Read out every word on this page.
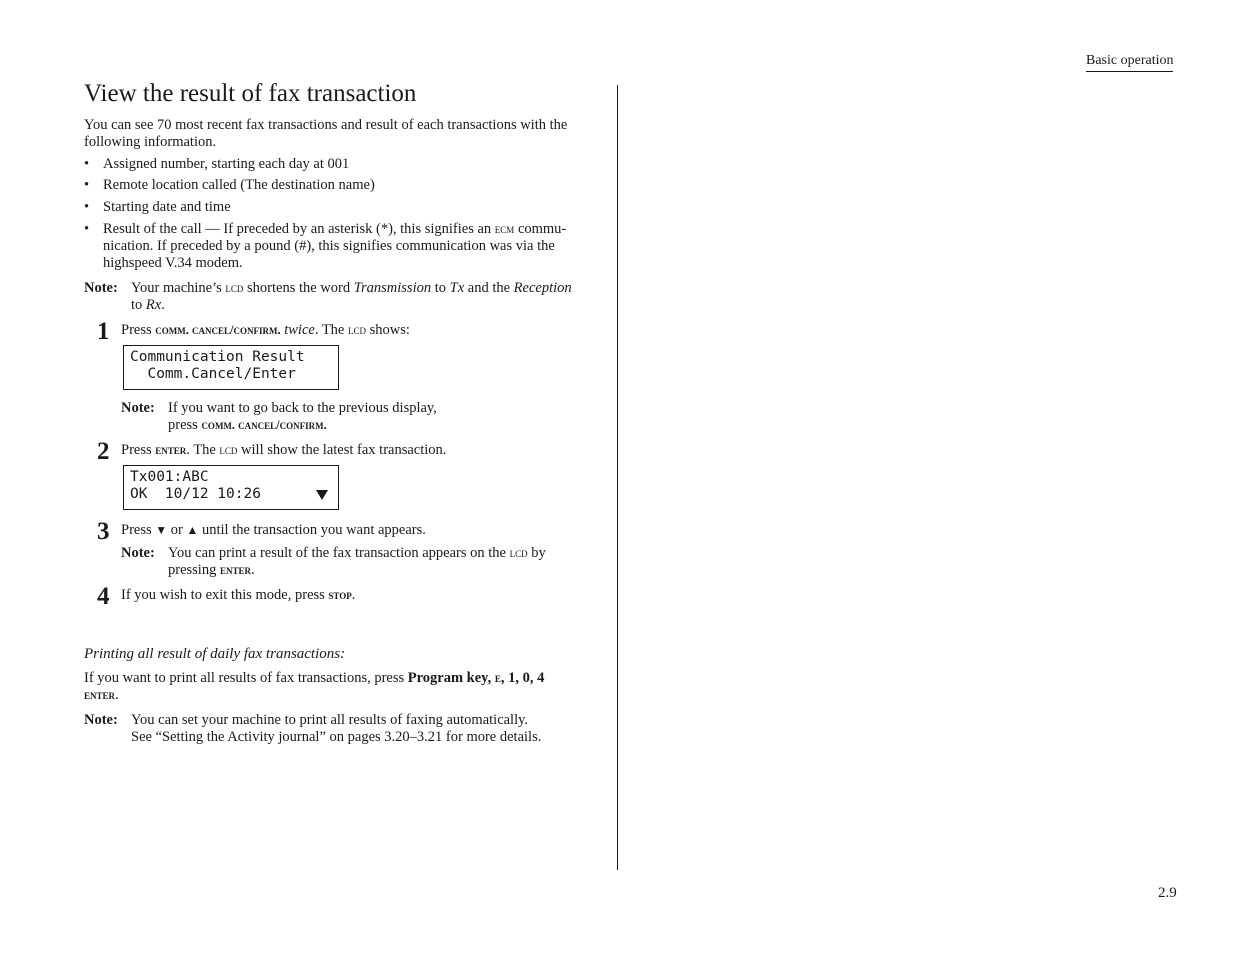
Basic operation
2.9
View the result of fax transaction
You can see 70 most recent fax transactions and result of each transactions with the
following information.
• Assigned number, starting each day at 001
• Remote location called (The destination name)
• Starting date and time
• Result of the call — If preceded by an asterisk (*), this signifies an ecm commu-
nication. If preceded by a pound (#), this signifies communication was via the
highspeed V.34 modem.
Note: Your machine’s lcd shortens the word Transmission to Tx and the Reception
to Rx.
1 Press comm. cancel/confirm. twice. The lcd shows:
Communication Result
Comm.Cancel/Enter
Note: If you want to go back to the previous display,
press comm. cancel/confirm.
2 Press enter. The lcd will show the latest fax transaction.
Tx001:ABC
OK  10/12 10:26
3 Press ▼ or ▲ until the transaction you want appears.
Note: You can print a result of the fax transaction appears on the lcd by
pressing enter.
4 If you wish to exit this mode, press stop.
Printing all result of daily fax transactions:
If you want to print all results of fax transactions, press Program key, e, 1, 0, 4
enter.
Note: You can set your machine to print all results of faxing automatically.
See “Setting the Activity journal” on pages 3.20–3.21 for more details.
